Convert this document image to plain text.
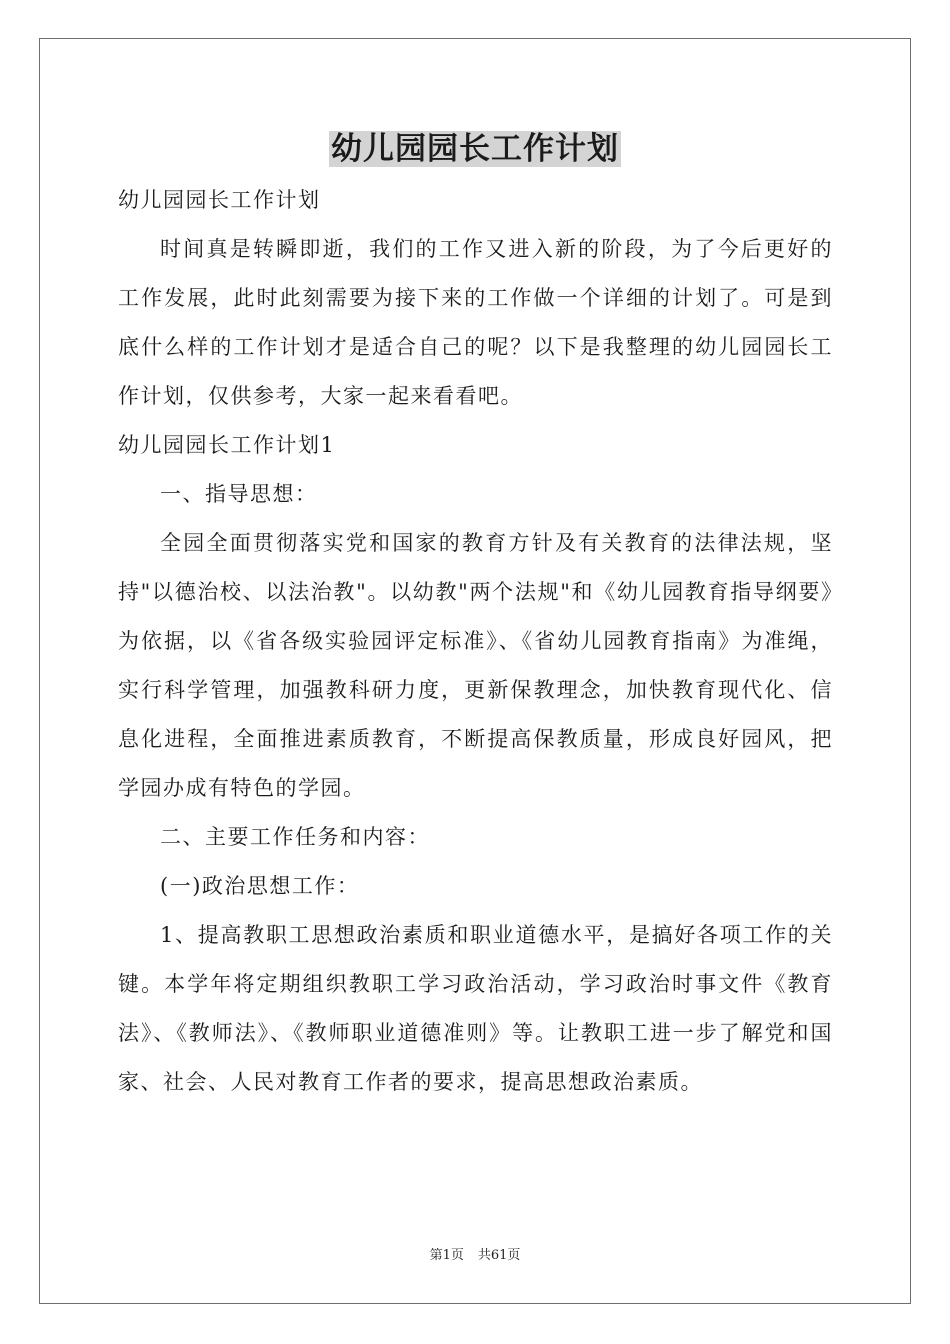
幼儿园园长工作计划

幼儿园园长工作计划

时间真是转瞬即逝，我们的工作又进入新的阶段，为了今后更好的工作发展，此时此刻需要为接下来的工作做一个详细的计划了。可是到底什么样的工作计划才是适合自己的呢？以下是我整理的幼儿园园长工作计划，仅供参考，大家一起来看看吧。

幼儿园园长工作计划1

一、指导思想：

全园全面贯彻落实党和国家的教育方针及有关教育的法律法规，坚持"以德治校、以法治教"。以幼教"两个法规"和《幼儿园教育指导纲要》为依据，以《省各级实验园评定标准》、《省幼儿园教育指南》为准绳，实行科学管理，加强教科研力度，更新保教理念，加快教育现代化、信息化进程，全面推进素质教育，不断提高保教质量，形成良好园风，把学园办成有特色的学园。

二、主要工作任务和内容：

(一)政治思想工作：

1、提高教职工思想政治素质和职业道德水平，是搞好各项工作的关键。本学年将定期组织教职工学习政治活动，学习政治时事文件《教育法》、《教师法》、《教师职业道德准则》等。让教职工进一步了解党和国家、社会、人民对教育工作者的要求，提高思想政治素质。

第1页 共61页
